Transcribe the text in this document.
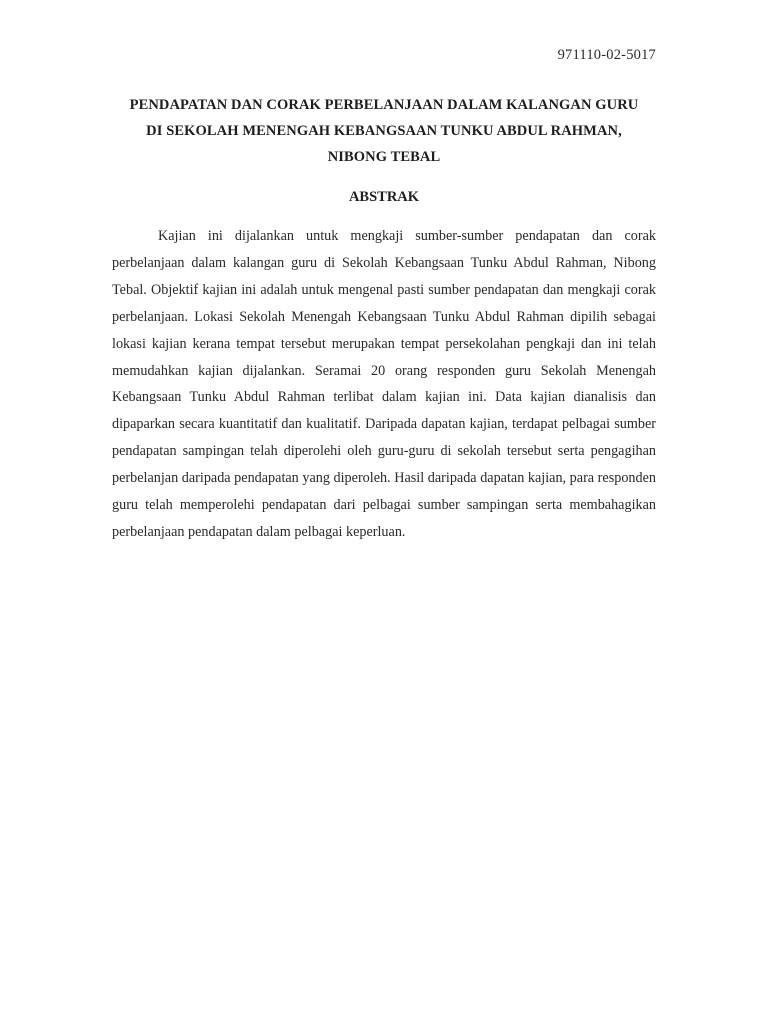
971110-02-5017
PENDAPATAN DAN CORAK PERBELANJAAN DALAM KALANGAN GURU
DI SEKOLAH MENENGAH KEBANGSAAN TUNKU ABDUL RAHMAN,
NIBONG TEBAL
ABSTRAK

Kajian ini dijalankan untuk mengkaji sumber-sumber pendapatan dan corak perbelanjaan dalam kalangan guru di Sekolah Kebangsaan Tunku Abdul Rahman, Nibong Tebal. Objektif kajian ini adalah untuk mengenal pasti sumber pendapatan dan mengkaji corak perbelanjaan. Lokasi Sekolah Menengah Kebangsaan Tunku Abdul Rahman dipilih sebagai lokasi kajian kerana tempat tersebut merupakan tempat persekolahan pengkaji dan ini telah memudahkan kajian dijalankan. Seramai 20 orang responden guru Sekolah Menengah Kebangsaan Tunku Abdul Rahman terlibat dalam kajian ini. Data kajian dianalisis dan dipaparkan secara kuantitatif dan kualitatif. Daripada dapatan kajian, terdapat pelbagai sumber pendapatan sampingan telah diperolehi oleh guru-guru di sekolah tersebut serta pengagihan perbelanjan daripada pendapatan yang diperoleh. Hasil daripada dapatan kajian, para responden guru telah memperolehi pendapatan dari pelbagai sumber sampingan serta membahagikan perbelanjaan pendapatan dalam pelbagai keperluan.
